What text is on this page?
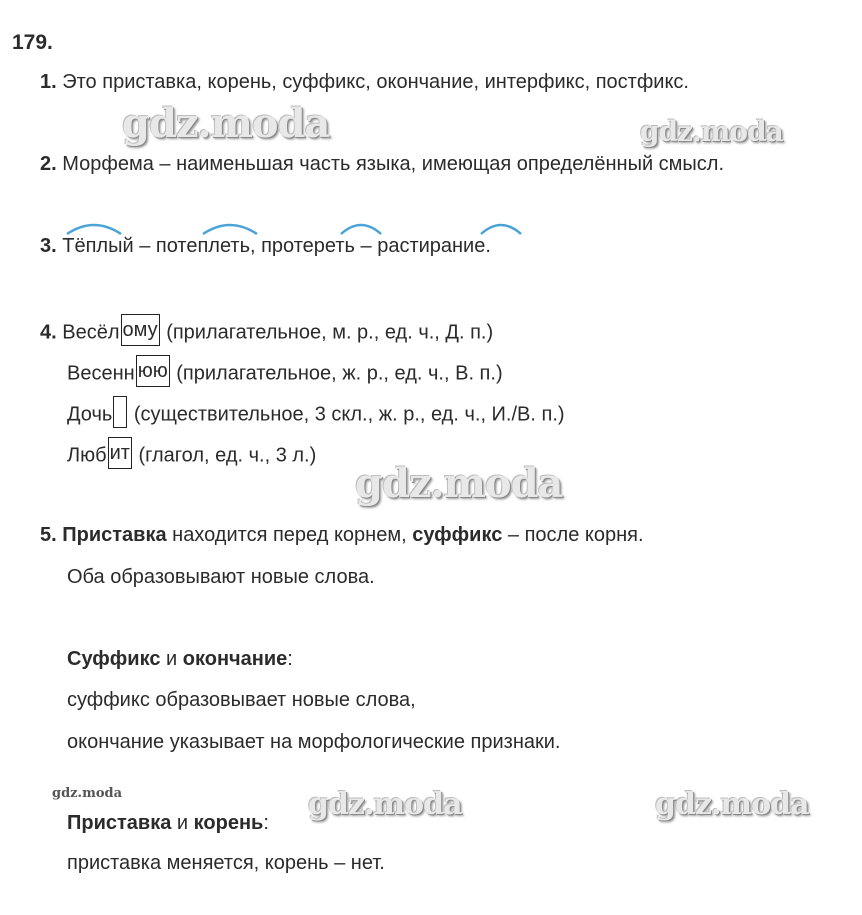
179.
1. Это приставка, корень, суффикс, окончание, интерфикс, постфикс.
2. Морфема – наименьшая часть языка, имеющая определённый смысл.
3. Тёплый – потеплеть, протереть – растирание.
4. Весёл ому (прилагательное, м. р., ед. ч., Д. п.)
Весенн юю (прилагательное, ж. р., ед. ч., В. п.)
Дочь (существительное, 3 скл., ж. р., ед. ч., И./В. п.)
Люб ит (глагол, ед. ч., 3 л.)
5. Приставка находится перед корнем, суффикс – после корня.
Оба образовывают новые слова.
Суффикс и окончание:
суффикс образовывает новые слова,
окончание указывает на морфологические признаки.
Приставка и корень:
приставка меняется, корень – нет.
gdz.moda	gdz.moda
gdz.moda
gdz.moda	gdz.moda	gdz.moda
